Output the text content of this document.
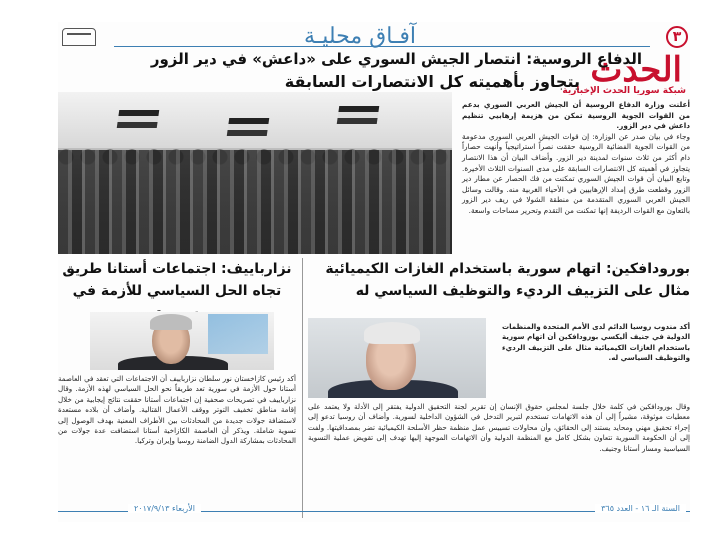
٣
آفـاق محليـة
الحدث
شبكة سوريا الحدث الإخبارية
الدفاع الروسية: انتصار الجيش السوري على «داعش» في دير الزور
يتجاوز بأهميته كل الانتصارات السابقة

أعلنت وزارة الدفاع الروسية أن الجيش العربي السوري بدعم من القوات الجوية الروسية تمكن من هزيمة إرهابيي تنظيم داعش في دير الزور.

وجاء في بيان صدر عن الوزارة: إن قوات الجيش العربي السوري مدعومة من القوات الجوية الفضائية الروسية حققت نصراً استراتيجياً وأنهت حصاراً دام أكثر من ثلاث سنوات لمدينة دير الزور. وأضاف البيان أن هذا الانتصار يتجاوز في أهميته كل الانتصارات السابقة على مدى السنوات الثلاث الأخيرة. وتابع البيان أن قوات الجيش السوري تمكنت من فك الحصار عن مطار دير الزور وقطعت طرق إمداد الإرهابيين في الأحياء الغربية منه. وقالت وسائل الجيش العربي السوري المتقدمة من منطقة الشولا في ريف دير الزور بالتعاون مع القوات الرديفة إنها تمكنت من التقدم وتحرير مساحات واسعة.

بورودافكين: اتهام سورية باستخدام الغازات الكيميائية مثال على التزييف الرديء والتوظيف السياسي له
نزارباييف: اجتماعات أستانا طريق تجاه الحل السياسي للأزمة في

أكد مندوب روسيا الدائم لدى الأمم المتحدة والمنظمات الدولية في جنيف أليكسي بورودافكين أن اتهام سورية باستخدام الغازات الكيميائية مثال على التزييف الرديء والتوظيف السياسي له.

وقال بورودافكين في كلمة خلال جلسة لمجلس حقوق الإنسان إن تقرير لجنة التحقيق الدولية يفتقر إلى الأدلة ولا يعتمد على معطيات موثوقة، مشيراً إلى أن هذه الاتهامات تستخدم لتبرير التدخل في الشؤون الداخلية لسورية. وأضاف أن روسيا تدعو إلى إجراء تحقيق مهني ومحايد يستند إلى الحقائق، وأن محاولات تسييس عمل منظمة حظر الأسلحة الكيميائية تضر بمصداقيتها. ولفت إلى أن الحكومة السورية تتعاون بشكل كامل مع المنظمة الدولية وأن الاتهامات الموجهة إليها تهدف إلى تقويض عملية التسوية السياسية ومسار أستانا وجنيف.
أكد رئيس كازاخستان نور سلطان نزارباييف أن الاجتماعات التي تعقد في العاصمة أستانا حول الأزمة في سورية تعد طريقاً نحو الحل السياسي لهذه الأزمة. وقال نزارباييف في تصريحات صحفية إن اجتماعات أستانا حققت نتائج إيجابية من خلال إقامة مناطق تخفيف التوتر ووقف الأعمال القتالية. وأضاف أن بلاده مستعدة لاستضافة جولات جديدة من المحادثات بين الأطراف المعنية بهدف الوصول إلى تسوية شاملة. ويذكر أن العاصمة الكازاخية أستانا استضافت عدة جولات من المحادثات بمشاركة الدول الضامنة روسيا وإيران وتركيا.
السنة الـ ١٦ - العدد ٣٦٥
الأربعاء ٢٠١٧/٩/١٣
